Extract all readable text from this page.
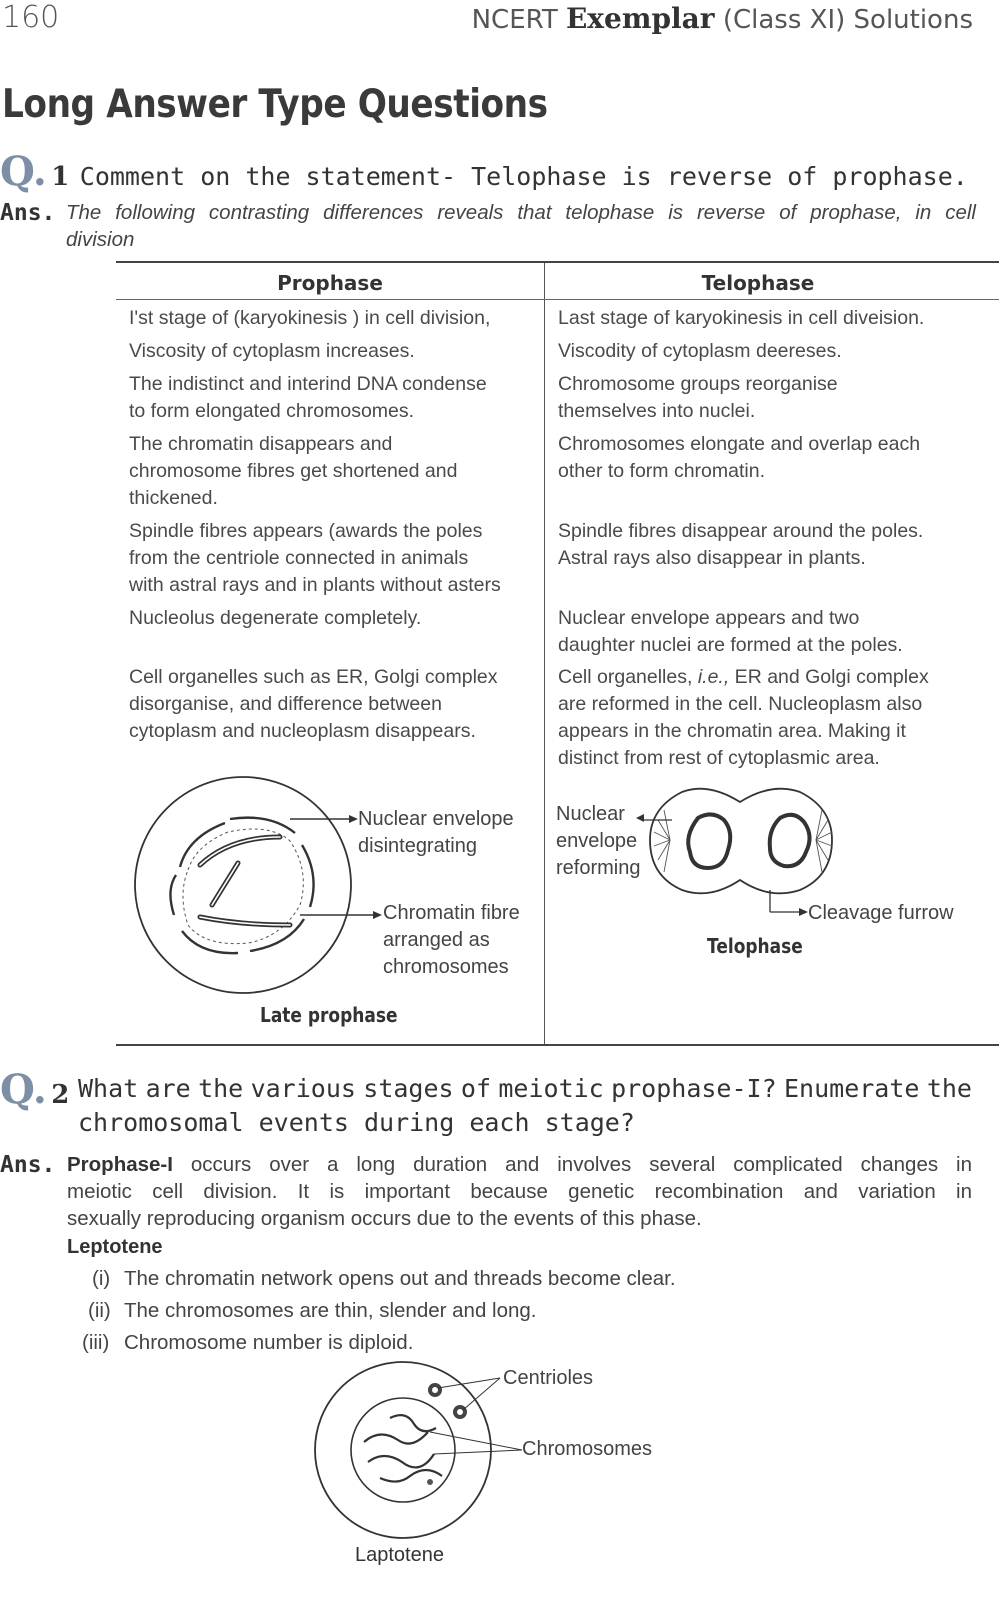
160	NCERT Exemplar (Class XI) Solutions
Long Answer Type Questions
Q. 1 Comment on the statement- Telophase is reverse of prophase.
Ans. The following contrasting differences reveals that telophase is reverse of prophase, in cell
division
Prophase	Telophase
I'st stage of (karyokinesis ) in cell division,
Viscosity of cytoplasm increases.
The indistinct and interind DNA condense
to form elongated chromosomes.
The chromatin disappears and
chromosome fibres get shortened and
thickened.
Spindle fibres appears (awards the poles
from the centriole connected in animals
with astral rays and in plants without asters
Nucleolus degenerate completely.
Cell organelles such as ER, Golgi complex
disorganise, and difference between
cytoplasm and nucleoplasm disappears.
Last stage of karyokinesis in cell diveision.
Viscodity of cytoplasm deereses.
Chromosome groups reorganise
themselves into nuclei.
Chromosomes elongate and overlap each
other to form chromatin.
Spindle fibres disappear around the poles.
Astral rays also disappear in plants.
Nuclear envelope appears and two
daughter nuclei are formed at the poles.
Cell organelles, i.e., ER and Golgi complex
are reformed in the cell. Nucleoplasm also
appears in the chromatin area. Making it
distinct from rest of cytoplasmic area.
Nuclear envelope
disintegrating
Chromatin fibre
arranged as
chromosomes
Late prophase
Nuclear
envelope
reforming
Cleavage furrow
Telophase
Q. 2 What are the various stages of meiotic prophase-I? Enumerate the
chromosomal events during each stage?
Ans. Prophase-I occurs over a long duration and involves several complicated changes in
meiotic cell division. It is important because genetic recombination and variation in
sexually reproducing organism occurs due to the events of this phase.
Leptotene
(i) The chromatin network opens out and threads become clear.
(ii) The chromosomes are thin, slender and long.
(iii) Chromosome number is diploid.
Centrioles
Chromosomes
Laptotene
